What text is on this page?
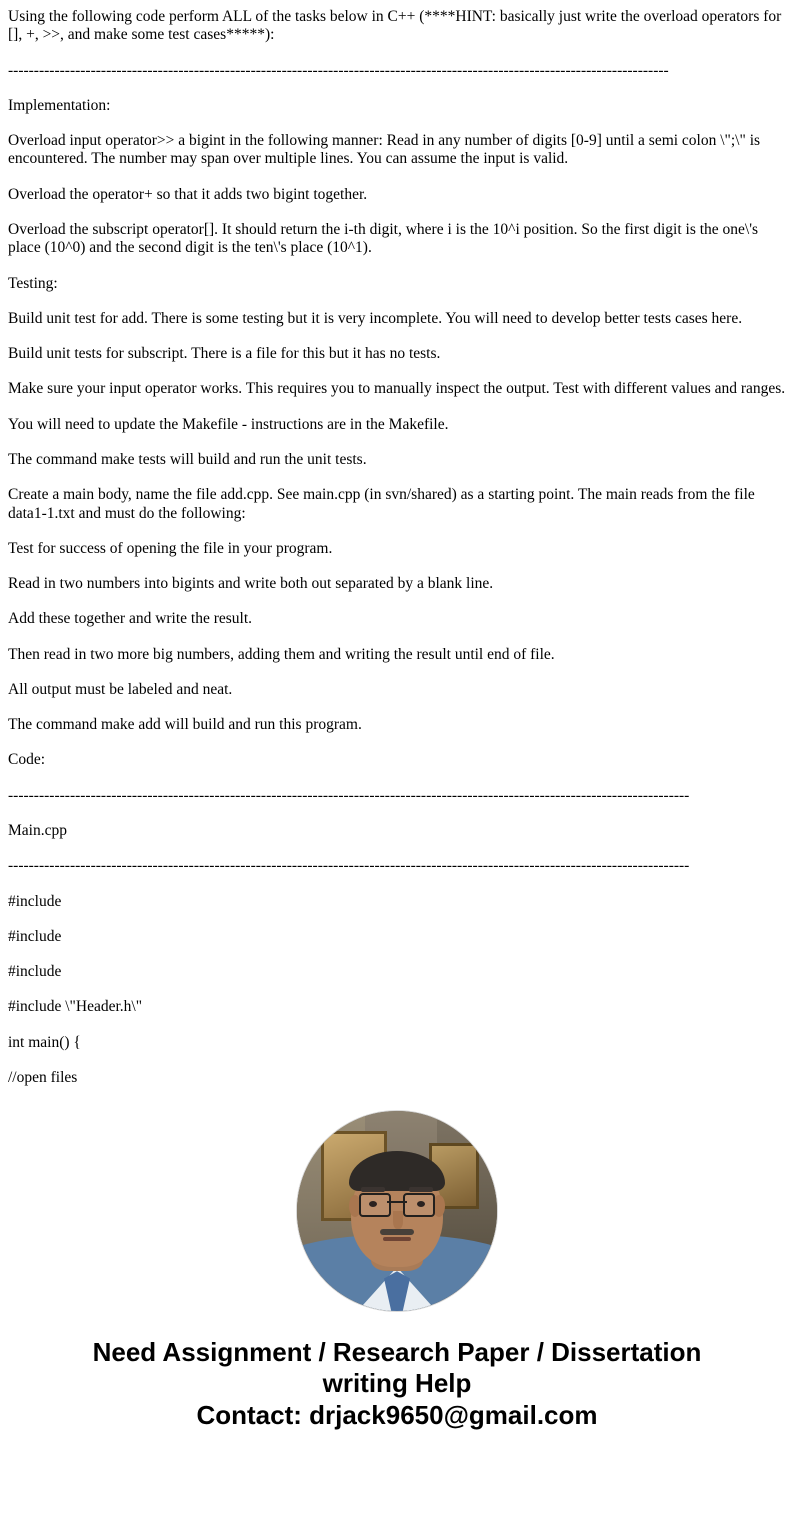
Using the following code perform ALL of the tasks below in C++ (****HINT: basically just write the overload operators for [], +, >>, and make some test cases*****):

--------------------------------------------------------------------------------------------------------------------------------

Implementation:

Overload input operator>> a bigint in the following manner: Read in any number of digits [0-9] until a semi colon \";\" is encountered. The number may span over multiple lines. You can assume the input is valid.

Overload the operator+ so that it adds two bigint together.

Overload the subscript operator[]. It should return the i-th digit, where i is the 10^i position. So the first digit is the one\'s place (10^0) and the second digit is the ten\'s place (10^1).

Testing:

Build unit test for add. There is some testing but it is very incomplete. You will need to develop better tests cases here.

Build unit tests for subscript. There is a file for this but it has no tests.

Make sure your input operator works. This requires you to manually inspect the output. Test with different values and ranges.

You will need to update the Makefile - instructions are in the Makefile.

The command make tests will build and run the unit tests.

Create a main body, name the file add.cpp. See main.cpp (in svn/shared) as a starting point. The main reads from the file data1-1.txt and must do the following:

Test for success of opening the file in your program.

Read in two numbers into bigints and write both out separated by a blank line.

Add these together and write the result.

Then read in two more big numbers, adding them and writing the result until end of file.

All output must be labeled and neat.

The command make add will build and run this program.

Code:

------------------------------------------------------------------------------------------------------------------------------------

Main.cpp

------------------------------------------------------------------------------------------------------------------------------------

#include

#include

#include

#include \"Header.h\"

int main() {

//open files

Need Assignment / Research Paper / Dissertation

writing Help

Contact: drjack9650@gmail.com
